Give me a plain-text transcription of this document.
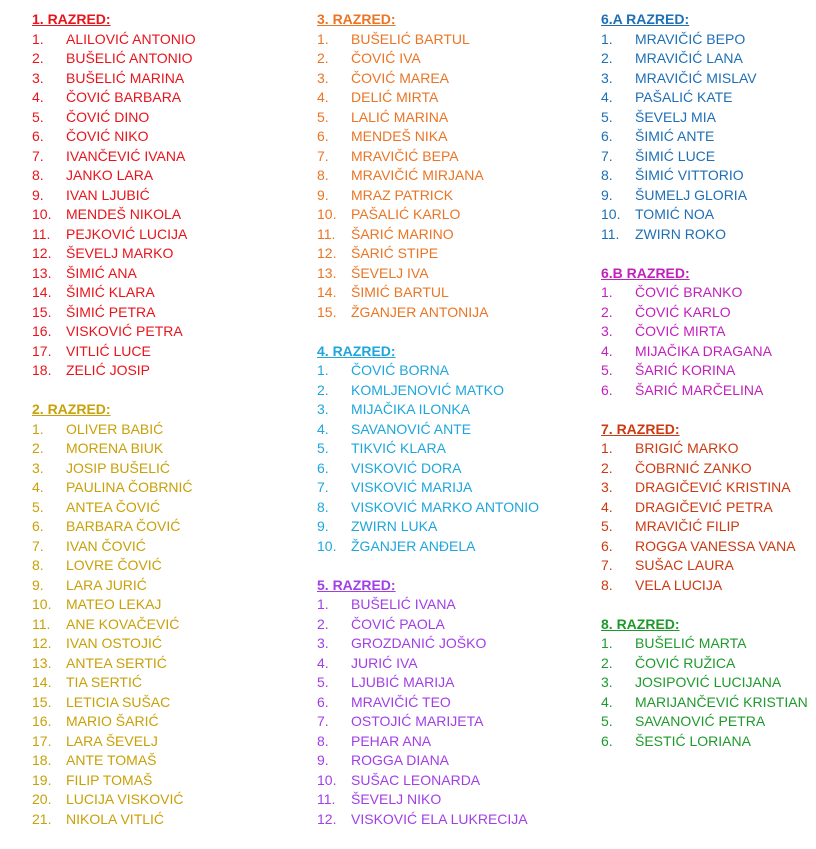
1. RAZRED:
1. ALILOVIĆ ANTONIO
2. BUŠELIĆ ANTONIO
3. BUŠELIĆ MARINA
4. ČOVIĆ BARBARA
5. ČOVIĆ DINO
6. ČOVIĆ NIKO
7. IVANČEVIĆ IVANA
8. JANKO LARA
9. IVAN LJUBIĆ
10. MENDEŠ NIKOLA
11. PEJKOVIĆ LUCIJA
12. ŠEVELJ MARKO
13. ŠIMIĆ ANA
14. ŠIMIĆ KLARA
15. ŠIMIĆ PETRA
16. VISKOVIĆ PETRA
17. VITLIĆ LUCE
18. ZELIĆ JOSIP
2. RAZRED:
1. OLIVER BABIĆ
2. MORENA BIUK
3. JOSIP BUŠELIĆ
4. PAULINA ČOBRNIĆ
5. ANTEA ČOVIĆ
6. BARBARA ČOVIĆ
7. IVAN ČOVIĆ
8. LOVRE ČOVIĆ
9. LARA JURIĆ
10. MATEO LEKAJ
11. ANE KOVAČEVIĆ
12. IVAN OSTOJIĆ
13. ANTEA SERTIĆ
14. TIA SERTIĆ
15. LETICIA SUŠAC
16. MARIO ŠARIĆ
17. LARA ŠEVELJ
18. ANTE TOMAŠ
19. FILIP TOMAŠ
20. LUCIJA VISKOVIĆ
21. NIKOLA VITLIĆ
3. RAZRED:
1. BUŠELIĆ BARTUL
2. ČOVIĆ IVA
3. ČOVIĆ MAREA
4. DELIĆ MIRTA
5. LALIĆ MARINA
6. MENDEŠ NIKA
7. MRAVIČIĆ BEPA
8. MRAVIČIĆ MIRJANA
9. MRAZ PATRICK
10. PAŠALIĆ KARLO
11. ŠARIĆ MARINO
12. ŠARIĆ STIPE
13. ŠEVELJ IVA
14. ŠIMIĆ BARTUL
15. ŽGANJER ANTONIJA
4. RAZRED:
1. ČOVIĆ BORNA
2. KOMLJENOVIĆ MATKO
3. MIJAČIKA ILONKA
4. SAVANOVIĆ ANTE
5. TIKVIĆ KLARA
6. VISKOVIĆ DORA
7. VISKOVIĆ MARIJA
8. VISKOVIĆ MARKO ANTONIO
9. ZWIRN LUKA
10. ŽGANJER ANĐELA
5. RAZRED:
1. BUŠELIĆ IVANA
2. ČOVIĆ PAOLA
3. GROZDANIĆ JOŠKO
4. JURIĆ IVA
5. LJUBIĆ MARIJA
6. MRAVIČIĆ TEO
7. OSTOJIĆ MARIJETA
8. PEHAR ANA
9. ROGGA DIANA
10. SUŠAC LEONARDA
11. ŠEVELJ NIKO
12. VISKOVIĆ ELA LUKRECIJA
6.A RAZRED:
1. MRAVIČIĆ BEPO
2. MRAVIČIĆ LANA
3. MRAVIČIĆ MISLAV
4. PAŠALIĆ KATE
5. ŠEVELJ MIA
6. ŠIMIĆ ANTE
7. ŠIMIĆ LUCE
8. ŠIMIĆ VITTORIO
9. ŠUMELJ GLORIA
10. TOMIĆ NOA
11. ZWIRN ROKO
6.B RAZRED:
1. ČOVIĆ BRANKO
2. ČOVIĆ KARLO
3. ČOVIĆ MIRTA
4. MIJAČIKA DRAGANA
5. ŠARIĆ KORINA
6. ŠARIĆ MARČELINA
7. RAZRED:
1. BRIGIĆ MARKO
2. ČOBRNIĆ ZANKO
3. DRAGIČEVIĆ KRISTINA
4. DRAGIČEVIĆ PETRA
5. MRAVIČIĆ FILIP
6. ROGGA VANESSA VANA
7. SUŠAC LAURA
8. VELA LUCIJA
8. RAZRED:
1. BUŠELIĆ MARTA
2. ČOVIĆ RUŽICA
3. JOSIPOVIĆ LUCIJANA
4. MARIJANČEVIĆ KRISTIAN
5. SAVANOVIĆ PETRA
6. ŠESTIĆ LORIANA
